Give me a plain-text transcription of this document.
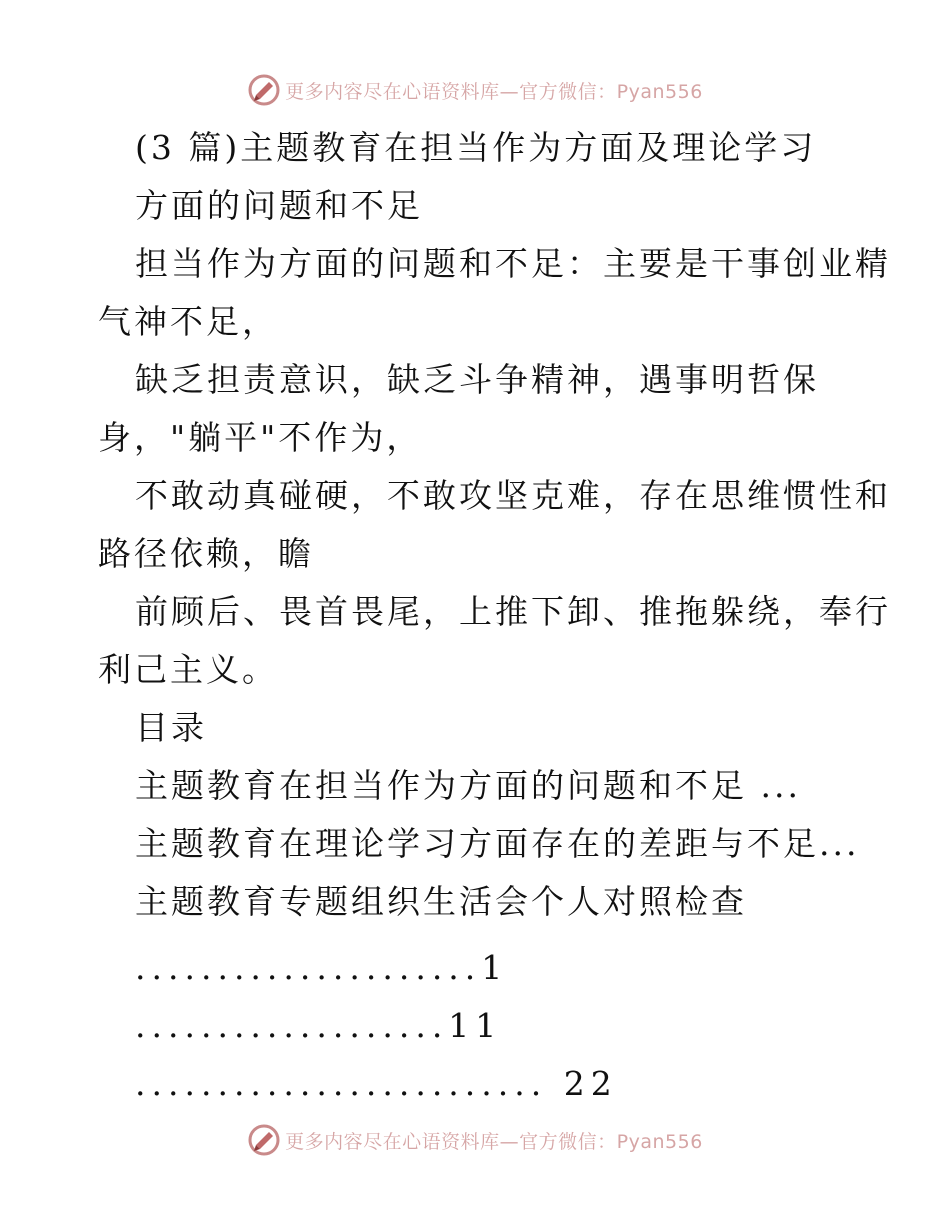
更多内容尽在心语资料库—官方微信：Pyan556
(3 篇)主题教育在担当作为方面及理论学习
方面的问题和不足
担当作为方面的问题和不足：主要是干事创业精
气神不足，
缺乏担责意识，缺乏斗争精神，遇事明哲保
身，"躺平"不作为，
不敢动真碰硬，不敢攻坚克难，存在思维惯性和
路径依赖，瞻
前顾后、畏首畏尾，上推下卸、推拖躲绕，奉行
利己主义。
目录
主题教育在担当作为方面的问题和不足 ...
主题教育在理论学习方面存在的差距与不足...
主题教育专题组织生活会个人对照检查
.....................1
...................11
......................... 22
更多内容尽在心语资料库—官方微信：Pyan556
